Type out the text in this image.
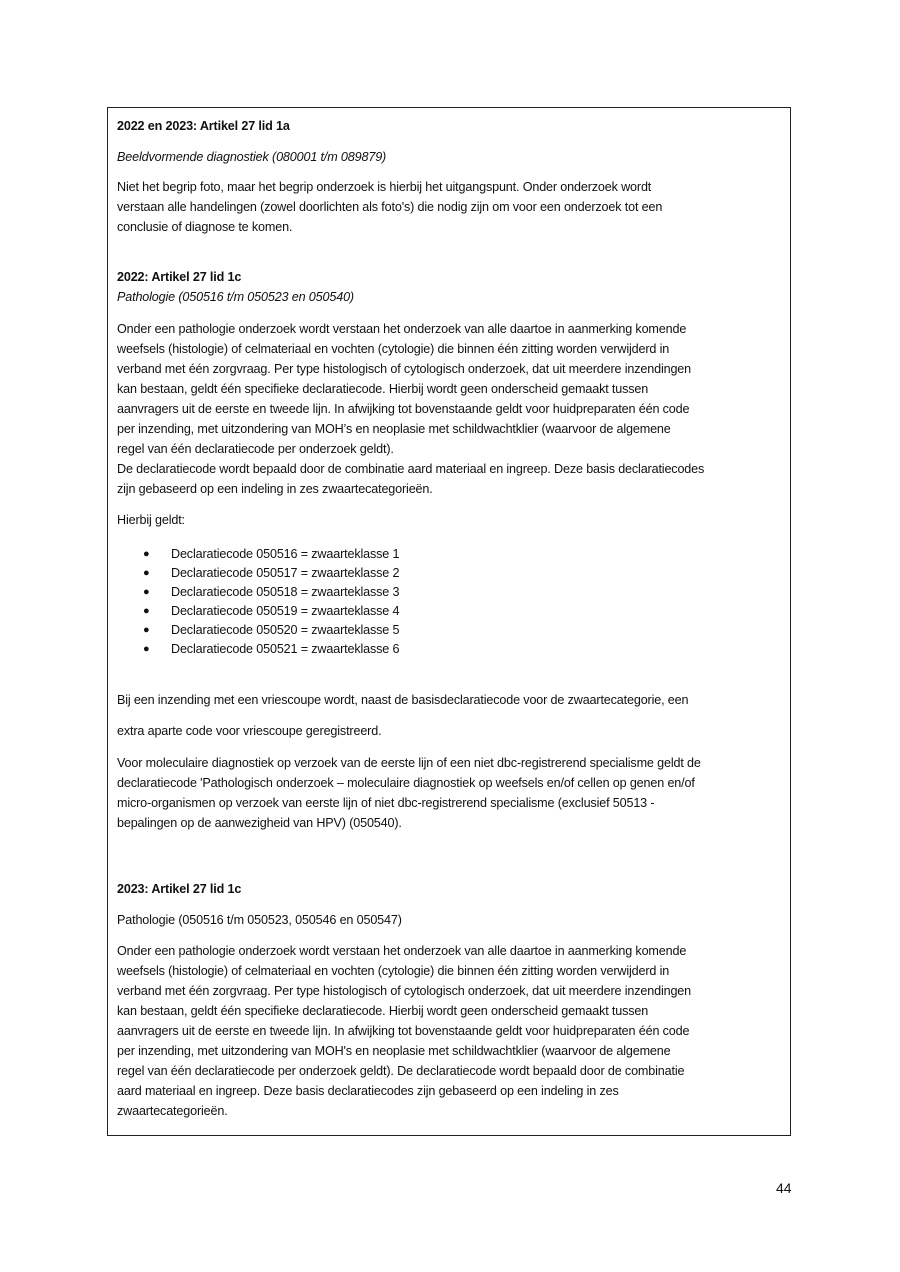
2022 en 2023: Artikel 27 lid 1a
Beeldvormende diagnostiek (080001 t/m 089879)
Niet het begrip foto, maar het begrip onderzoek is hierbij het uitgangspunt. Onder onderzoek wordt
verstaan alle handelingen (zowel doorlichten als foto's) die nodig zijn om voor een onderzoek tot een
conclusie of diagnose te komen.
2022: Artikel 27 lid 1c
Pathologie (050516 t/m 050523 en 050540)
Onder een pathologie onderzoek wordt verstaan het onderzoek van alle daartoe in aanmerking komende
weefsels (histologie) of celmateriaal en vochten (cytologie) die binnen één zitting worden verwijderd in
verband met één zorgvraag. Per type histologisch of cytologisch onderzoek, dat uit meerdere inzendingen
kan bestaan, geldt één specifieke declaratiecode. Hierbij wordt geen onderscheid gemaakt tussen
aanvragers uit de eerste en tweede lijn. In afwijking tot bovenstaande geldt voor huidpreparaten één code
per inzending, met uitzondering van MOH’s en neoplasie met schildwachtklier (waarvoor de algemene
regel van één declaratiecode per onderzoek geldt).
De declaratiecode wordt bepaald door de combinatie aard materiaal en ingreep. Deze basis declaratiecodes
zijn gebaseerd op een indeling in zes zwaartecategorieën.
Hierbij geldt:
● Declaratiecode 050516 = zwaarteklasse 1
● Declaratiecode 050517 = zwaarteklasse 2
● Declaratiecode 050518 = zwaarteklasse 3
● Declaratiecode 050519 = zwaarteklasse 4
● Declaratiecode 050520 = zwaarteklasse 5
● Declaratiecode 050521 = zwaarteklasse 6
Bij een inzending met een vriescoupe wordt, naast de basisdeclaratiecode voor de zwaartecategorie, een
extra aparte code voor vriescoupe geregistreerd.
Voor moleculaire diagnostiek op verzoek van de eerste lijn of een niet dbc-registrerend specialisme geldt de
declaratiecode 'Pathologisch onderzoek – moleculaire diagnostiek op weefsels en/of cellen op genen en/of
micro-organismen op verzoek van eerste lijn of niet dbc-registrerend specialisme (exclusief 50513 -
bepalingen op de aanwezigheid van HPV) (050540).
2023: Artikel 27 lid 1c
Pathologie (050516 t/m 050523, 050546 en 050547)
Onder een pathologie onderzoek wordt verstaan het onderzoek van alle daartoe in aanmerking komende
weefsels (histologie) of celmateriaal en vochten (cytologie) die binnen één zitting worden verwijderd in
verband met één zorgvraag. Per type histologisch of cytologisch onderzoek, dat uit meerdere inzendingen
kan bestaan, geldt één specifieke declaratiecode. Hierbij wordt geen onderscheid gemaakt tussen
aanvragers uit de eerste en tweede lijn. In afwijking tot bovenstaande geldt voor huidpreparaten één code
per inzending, met uitzondering van MOH's en neoplasie met schildwachtklier (waarvoor de algemene
regel van één declaratiecode per onderzoek geldt). De declaratiecode wordt bepaald door de combinatie
aard materiaal en ingreep. Deze basis declaratiecodes zijn gebaseerd op een indeling in zes
zwaartecategorieën.
44
